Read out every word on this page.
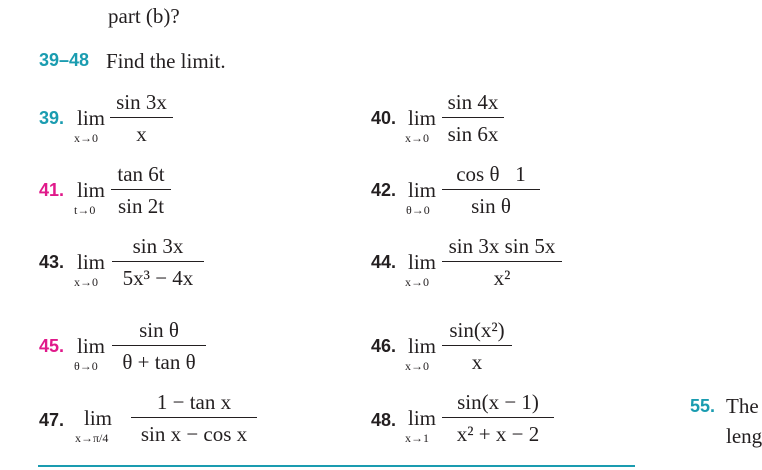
part (b)?
39–48 Find the limit.
39. lim
x→0
sin 3x
x
40. lim
x→0
sin 4x
sin 6x
41. lim
t→0
tan 6t
sin 2t
42. lim
θ→0
cos θ   1
sin θ
43. lim
x→0
sin 3x
5x³ − 4x
44. lim
x→0
sin 3x sin 5x
x²
45. lim
θ→0
sin θ
θ + tan θ
46. lim
x→0
sin(x²)
x
47. lim
x→π/4
1 − tan x
sin x − cos x
48. lim
x→1
sin(x − 1)
x² + x − 2
55. The
leng
